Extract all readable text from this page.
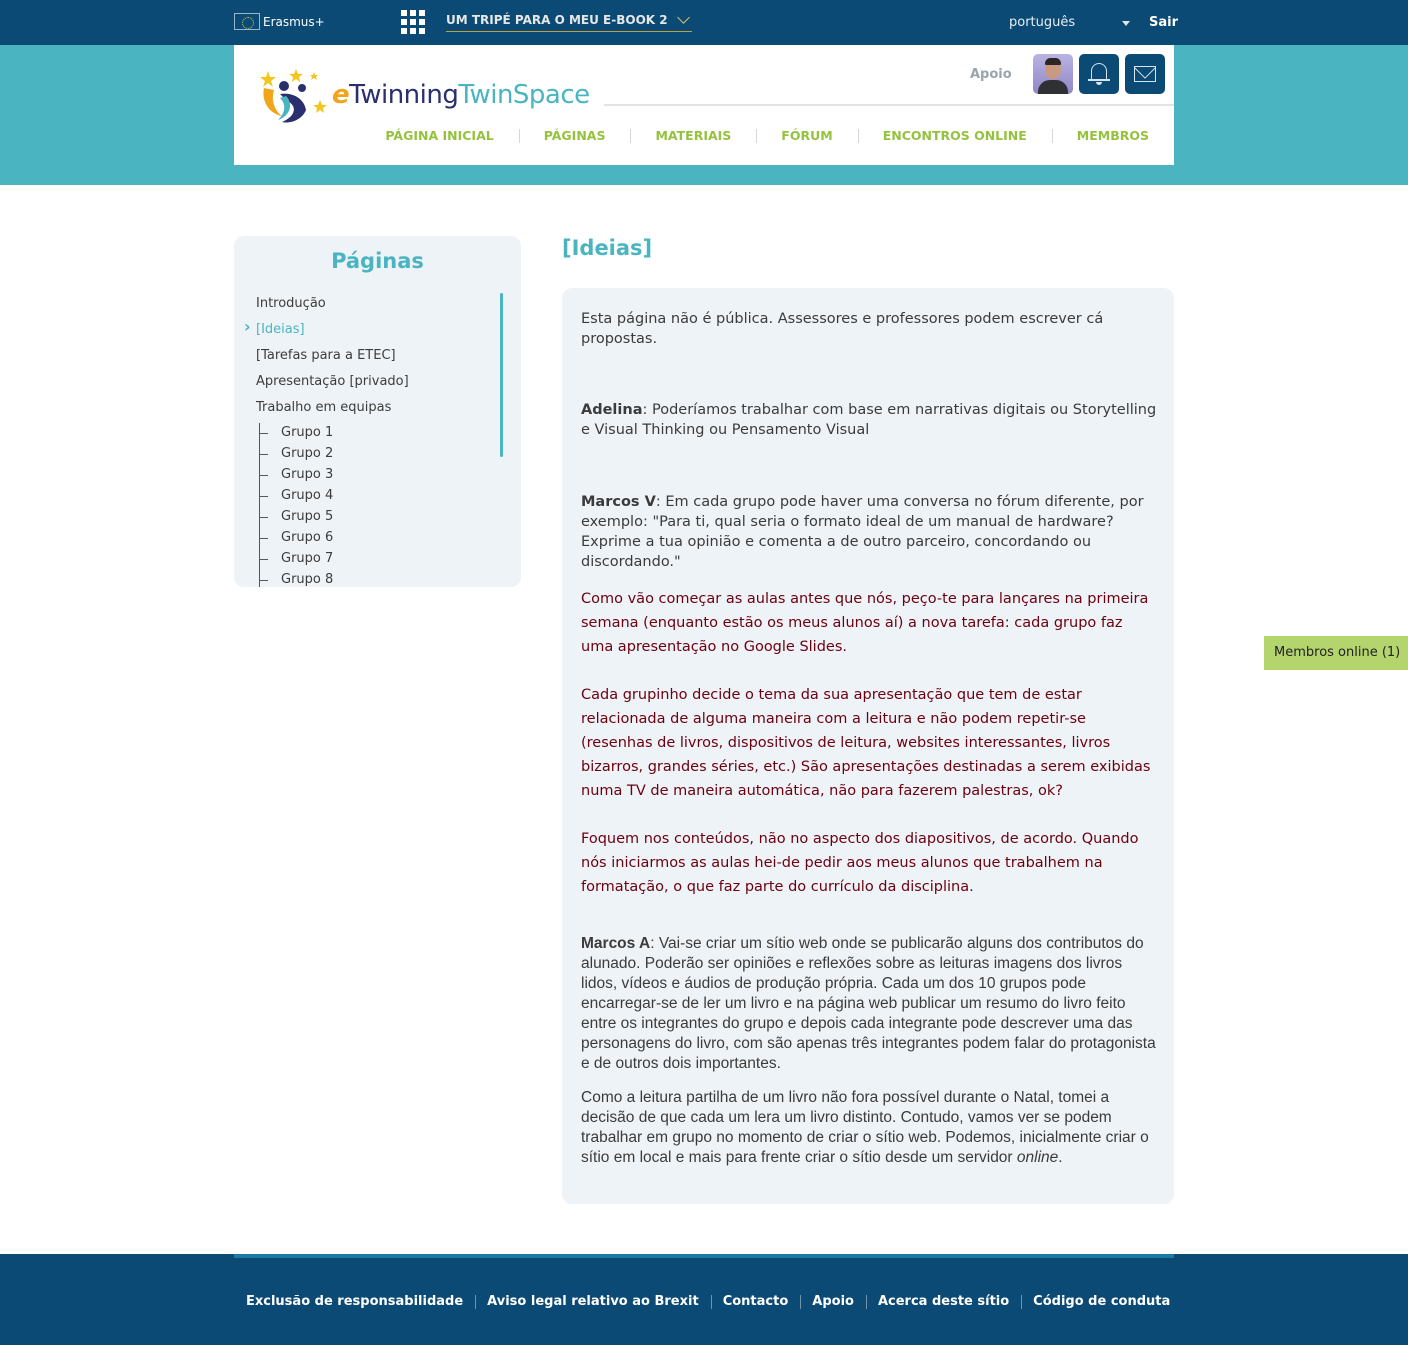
Erasmus+	UM TRIPÉ PARA O MEU E-BOOK 2	português	Sair
eTwinningTwinSpace
Apoio
PÁGINA INICIAL	PÁGINAS	MATERIAIS	FÓRUM	ENCONTROS ONLINE	MEMBROS
Páginas
Introdução
› [Ideias]
[Tarefas para a ETEC]
Apresentação [privado]
Trabalho em equipas
Grupo 1
Grupo 2
Grupo 3
Grupo 4
Grupo 5
Grupo 6
Grupo 7
Grupo 8
[Ideias]

Esta página não é pública. Assessores e professores podem escrever cá propostas.

Adelina: Poderíamos trabalhar com base em narrativas digitais ou Storytelling e Visual Thinking ou Pensamento Visual

Marcos V: Em cada grupo pode haver uma conversa no fórum diferente, por exemplo: "Para ti, qual seria o formato ideal de um manual de hardware? Exprime a tua opinião e comenta a de outro parceiro, concordando ou discordando."

Como vão começar as aulas antes que nós, peço-te para lançares na primeira semana (enquanto estão os meus alunos aí) a nova tarefa: cada grupo faz uma apresentação no Google Slides.

Cada grupinho decide o tema da sua apresentação que tem de estar relacionada de alguma maneira com a leitura e não podem repetir-se (resenhas de livros, dispositivos de leitura, websites interessantes, livros bizarros, grandes séries, etc.) São apresentações destinadas a serem exibidas numa TV de maneira automática, não para fazerem palestras, ok?

Foquem nos conteúdos, não no aspecto dos diapositivos, de acordo. Quando nós iniciarmos as aulas hei-de pedir aos meus alunos que trabalhem na formatação, o que faz parte do currículo da disciplina.

Marcos A: Vai-se criar um sítio web onde se publicarão alguns dos contributos do alunado. Poderão ser opiniões e reflexões sobre as leituras imagens dos livros lidos, vídeos e áudios de produção própria. Cada um dos 10 grupos pode encarregar-se de ler um livro e na página web publicar um resumo do livro feito entre os integrantes do grupo e depois cada integrante pode descrever uma das personagens do livro, com são apenas três integrantes podem falar do protagonista e de outros dois importantes.

Como a leitura partilha de um livro não fora possível durante o Natal, tomei a decisão de que cada um lera um livro distinto. Contudo, vamos ver se podem trabalhar em grupo no momento de criar o sítio web. Podemos, inicialmente criar o sítio em local e mais para frente criar o sítio desde um servidor online.

Membros online (1)
Exclusão de responsabilidade	Aviso legal relativo ao Brexit	Contacto	Apoio	Acerca deste sítio	Código de conduta
